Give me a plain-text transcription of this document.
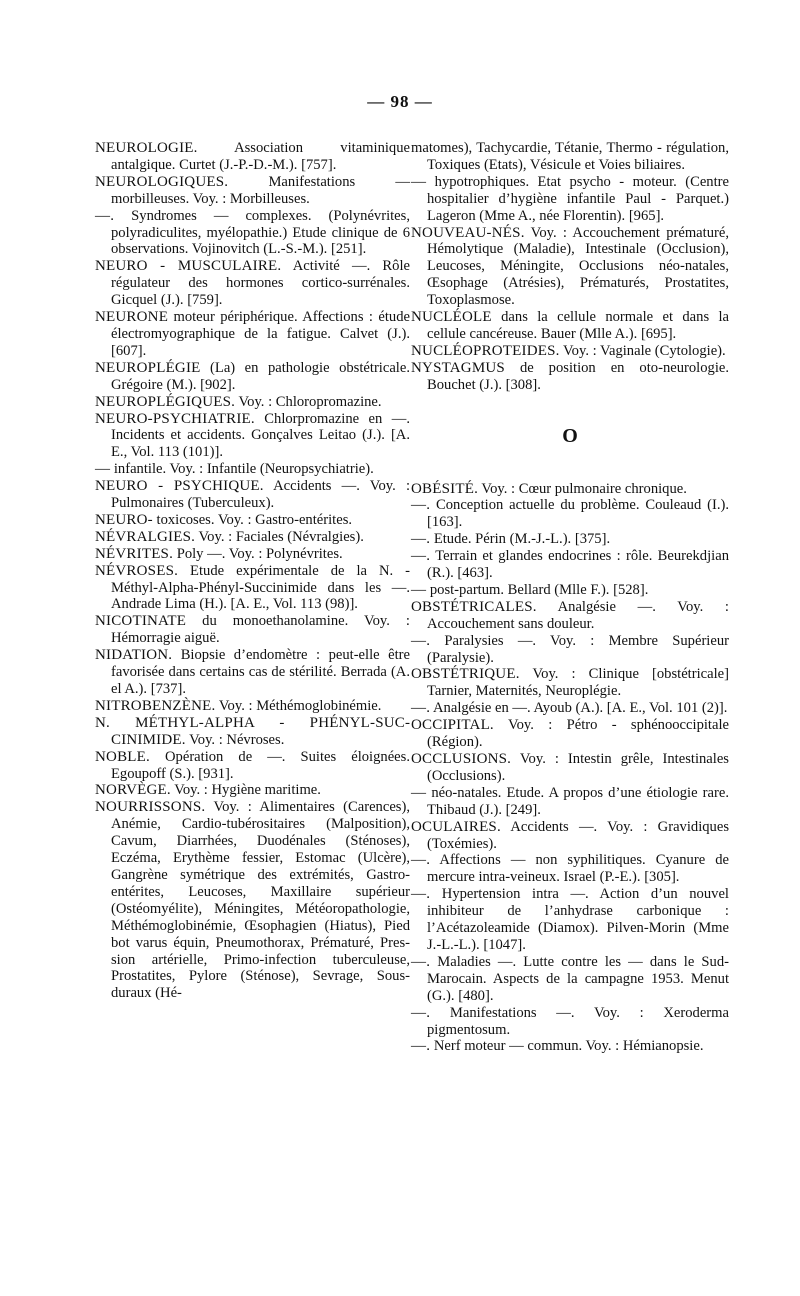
— 98 —

NEUROLOGIE. Association vitaminique antalgique. Curtet (J.-P.-D.-M.). [757].

NEUROLOGIQUES.	Manifestations — morbilleuses. Voy. : Morbilleuses.

—. Syndromes — complexes. (Polynévrites, polyradiculites, myélopathie.) Etude clinique de 6 observations. Vojinovitch (L.-S.-M.). [251].

NEURO - MUSCULAIRE. Activité —. Rôle régulateur des hormones cortico-surrénales. Gicquel (J.). [759].

NEURONE moteur périphérique. Affections : étude électromyographique de la fatigue. Calvet (J.). [607].

NEUROPLÉGIE (La) en pathologie obstétricale. Grégoire (M.). [902].

NEUROPLÉGIQUES. Voy. : Chloropromazine.

NEURO-PSYCHIATRIE. Chlorpromazine en —. Incidents et accidents. Gonçalves Leitao (J.). [A. E., Vol. 113 (101)].

— infantile. Voy. : Infantile (Neuropsychiatrie).

NEURO - PSYCHIQUE. Accidents —. Voy. : Pulmonaires (Tuberculeux).

NEURO- toxicoses. Voy. : Gastro-entérites.

NÉVRALGIES. Voy. : Faciales (Névralgies).

NÉVRITES. Poly —. Voy. : Polynévrites.

NÉVROSES. Etude expérimentale de la N. - Méthyl-Alpha-Phényl-Succinimide dans les —. Andrade Lima (H.). [A. E., Vol. 113 (98)].

NICOTINATE du monoethanolamine. Voy. : Hémorragie aiguë.

NIDATION. Biopsie d’endomètre : peut-elle être favorisée dans certains cas de stérilité. Berrada (A. el A.). [737].

NITROBENZÈNE. Voy. : Méthémoglobinémie.

N. MÉTHYL-ALPHA - PHÉNYL-SUCCINIMIDE. Voy. : Névroses.

NOBLE. Opération de —. Suites éloignées. Egoupoff (S.). [931].

NORVÈGE. Voy. : Hygiène maritime.

NOURRISSONS. Voy. : Alimentaires (Carences), Anémie, Cardio-tubérositaires (Malposition), Cavum, Diarrhées, Duodénales (Sténoses), Eczéma, Erythème fessier, Estomac (Ulcère), Gangrène symétrique des extrémités, Gastro-entérites, Leucoses, Maxillaire supérieur (Ostéomyélite), Méningites, Météoropathologie, Méthémoglobinémie, Œsophagien (Hiatus), Pied bot varus équin, Pneumothorax, Prématuré, Pression artérielle, Primo-infection tuberculeuse, Prostatites, Pylore (Sténose), Sevrage, Sous-duraux (Hé-

matomes), Tachycardie, Tétanie, Thermo - régulation, Toxiques (Etats), Vésicule et Voies biliaires.

— hypotrophiques. Etat psycho - moteur. (Centre hospitalier d’hygiène infantile Paul - Parquet.) Lageron (Mme A., née Florentin). [965].

NOUVEAU-NÉS. Voy. : Accouchement prématuré, Hémolytique (Maladie), Intestinale (Occlusion), Leucoses, Méningite, Occlusions néo-natales, Œsophage (Atrésies), Prématurés, Prostatites, Toxoplasmose.

NUCLÉOLE dans la cellule normale et dans la cellule cancéreuse. Bauer (Mlle A.). [695].

NUCLÉOPROTEIDES. Voy. : Vaginale (Cytologie).

NYSTAGMUS de position en oto-neurologie. Bouchet (J.). [308].

O

OBÉSITÉ. Voy. : Cœur pulmonaire chronique.

—. Conception actuelle du problème. Couleaud (I.). [163].

—. Etude. Périn (M.-J.-L.). [375].

—. Terrain et glandes endocrines : rôle. Beurekdjian (R.). [463].

— post-partum. Bellard (Mlle F.). [528].

OBSTÉTRICALES. Analgésie —. Voy. : Accouchement sans douleur.

—. Paralysies —. Voy. : Membre Supérieur (Paralysie).

OBSTÉTRIQUE. Voy. : Clinique [obstétricale] Tarnier, Maternités, Neuroplégie.

—. Analgésie en —. Ayoub (A.). [A. E., Vol. 101 (2)].

OCCIPITAL. Voy. : Pétro - sphénooccipitale (Région).

OCCLUSIONS. Voy. : Intestin grêle, Intestinales (Occlusions).

— néo-natales. Etude. A propos d’une étiologie rare. Thibaud (J.). [249].

OCULAIRES. Accidents —. Voy. : Gravidiques (Toxémies).

—. Affections — non syphilitiques. Cyanure de mercure intra-veineux. Israel (P.-E.). [305].

—. Hypertension intra —. Action d’un nouvel inhibiteur de l’anhydrase carbonique : l’Acétazoleamide (Diamox). Pilven-Morin (Mme J.-L.-L.). [1047].

—. Maladies —. Lutte contre les — dans le Sud-Marocain. Aspects de la campagne 1953. Menut (G.). [480].

—. Manifestations —. Voy. : Xeroderma pigmentosum.

—. Nerf moteur — commun. Voy. : Hémianopsie.
